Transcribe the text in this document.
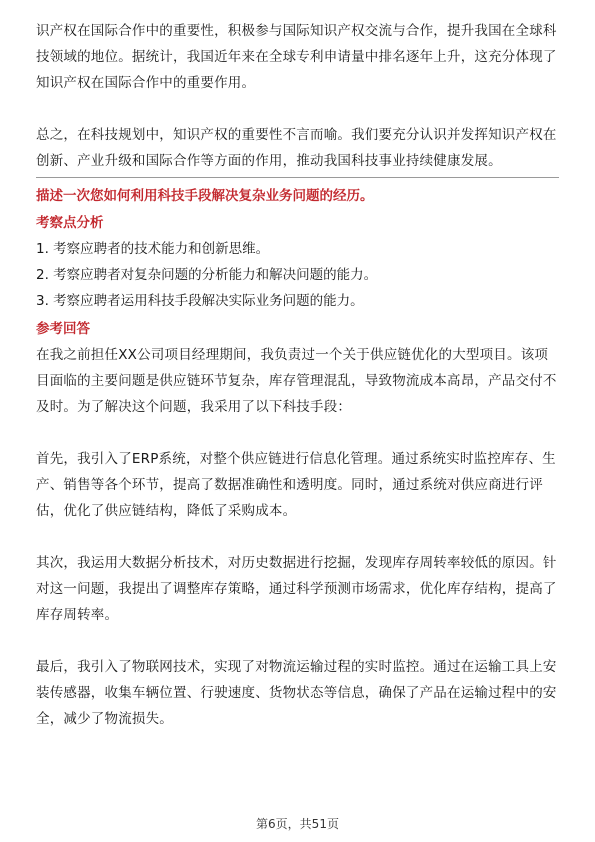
识产权在国际合作中的重要性，积极参与国际知识产权交流与合作，提升我国在全球科技领域的地位。据统计，我国近年来在全球专利申请量中排名逐年上升，这充分体现了知识产权在国际合作中的重要作用。

总之，在科技规划中，知识产权的重要性不言而喻。我们要充分认识并发挥知识产权在创新、产业升级和国际合作等方面的作用，推动我国科技事业持续健康发展。

描述一次您如何利用科技手段解决复杂业务问题的经历。
考察点分析
1. 考察应聘者的技术能力和创新思维。
2. 考察应聘者对复杂问题的分析能力和解决问题的能力。
3. 考察应聘者运用科技手段解决实际业务问题的能力。
参考回答

在我之前担任XX公司项目经理期间，我负责过一个关于供应链优化的大型项目。该项目面临的主要问题是供应链环节复杂，库存管理混乱，导致物流成本高昂，产品交付不及时。为了解决这个问题，我采用了以下科技手段：

首先，我引入了ERP系统，对整个供应链进行信息化管理。通过系统实时监控库存、生产、销售等各个环节，提高了数据准确性和透明度。同时，通过系统对供应商进行评估，优化了供应链结构，降低了采购成本。

其次，我运用大数据分析技术，对历史数据进行挖掘，发现库存周转率较低的原因。针对这一问题，我提出了调整库存策略，通过科学预测市场需求，优化库存结构，提高了库存周转率。

最后，我引入了物联网技术，实现了对物流运输过程的实时监控。通过在运输工具上安装传感器，收集车辆位置、行驶速度、货物状态等信息，确保了产品在运输过程中的安全，减少了物流损失。

第6页，共51页
